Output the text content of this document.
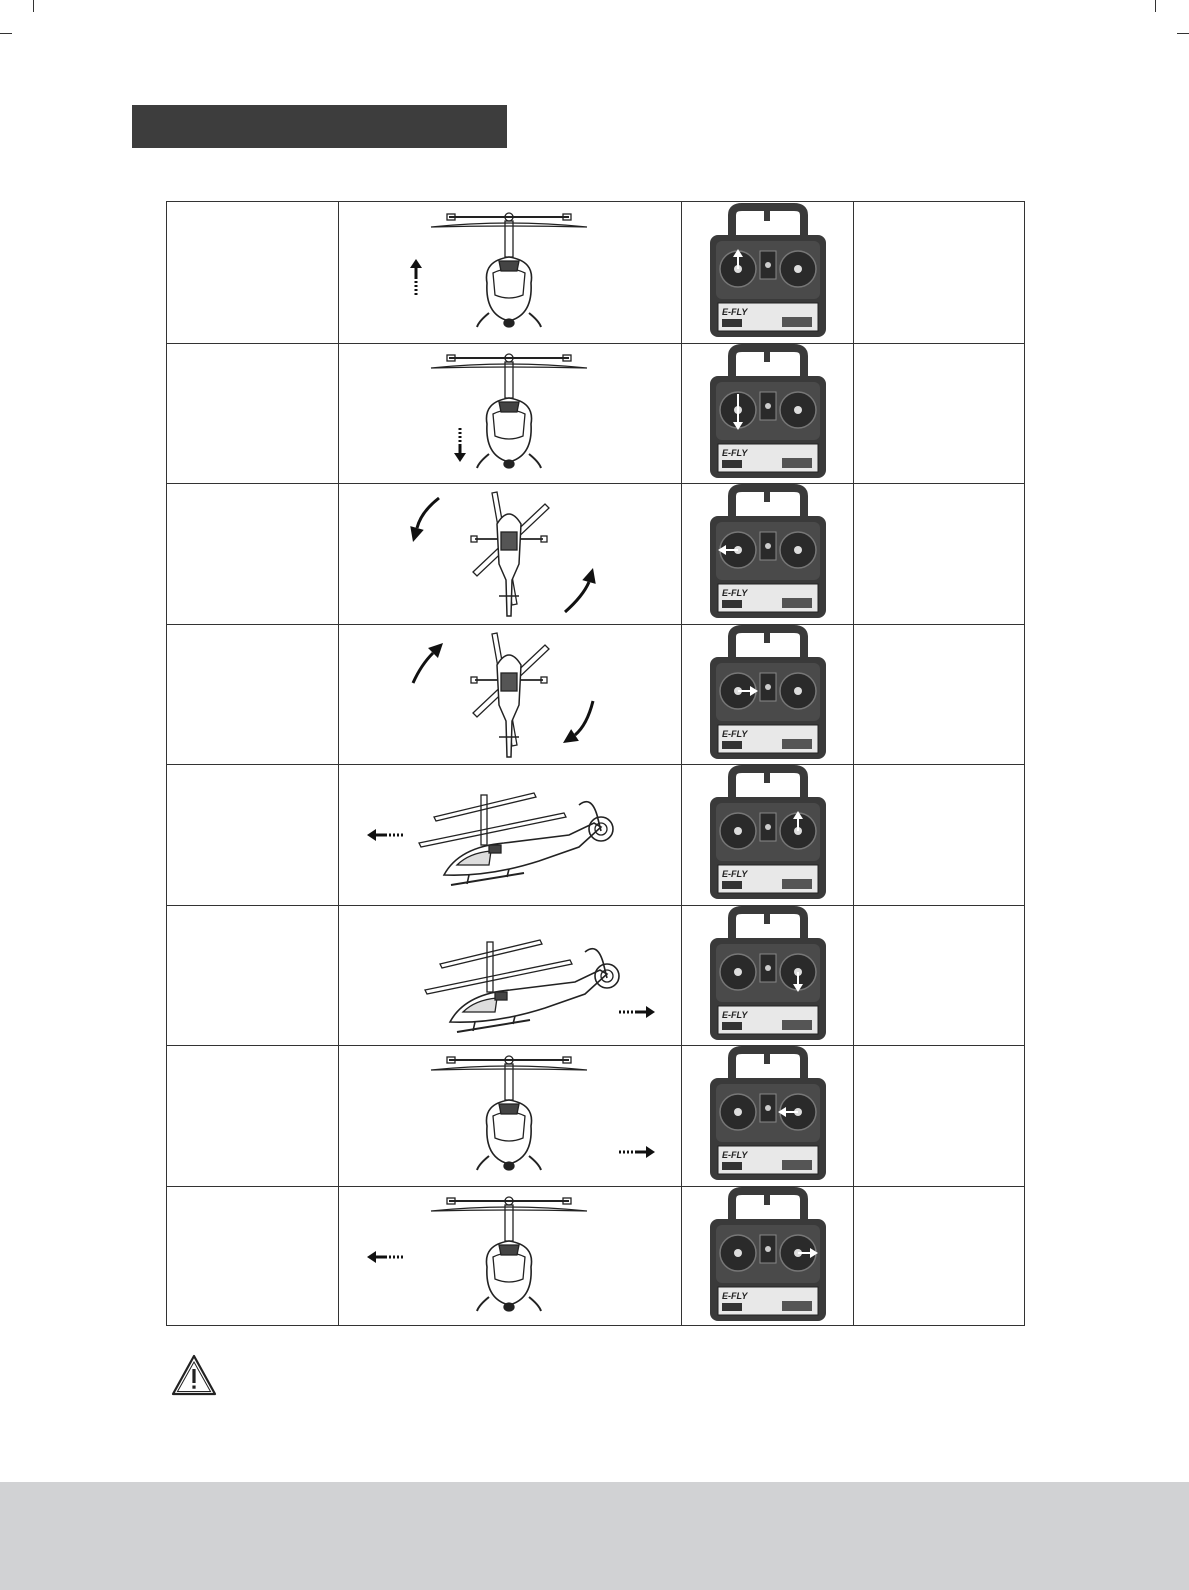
E-FLY
E-FLY
E-FLY
E-FLY
E-FLY
E-FLY
E-FLY
E-FLY
